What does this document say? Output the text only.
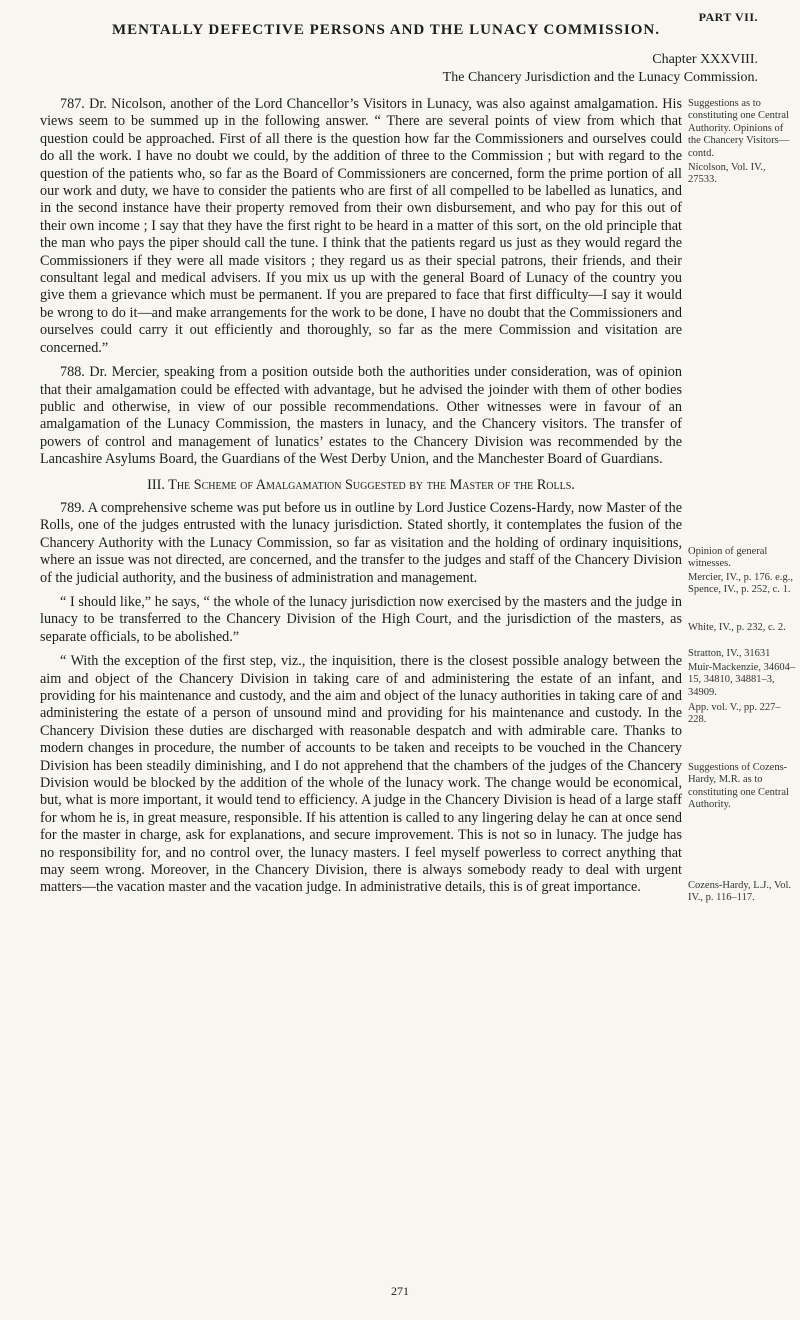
PART VII.
MENTALLY DEFECTIVE PERSONS AND THE LUNACY COMMISSION.
Chapter XXXVIII.
The Chancery Jurisdiction and the Lunacy Commission.

787. Dr. Nicolson, another of the Lord Chancellor’s Visitors in Lunacy, was also against amalgamation. His views seem to be summed up in the following answer. “ There are several points of view from which that question could be approached. First of all there is the question how far the Commissioners and ourselves could do all the work. I have no doubt we could, by the addition of three to the Commission ; but with regard to the question of the patients who, so far as the Board of Commissioners are concerned, form the prime portion of all our work and duty, we have to consider the patients who are first of all compelled to be labelled as lunatics, and in the second instance have their property removed from their own disbursement, and who pay for this out of their own income ; I say that they have the first right to be heard in a matter of this sort, on the old principle that the man who pays the piper should call the tune. I think that the patients regard us just as they would regard the Commissioners if they were all made visitors ; they regard us as their special patrons, their friends, and their consultant legal and medical advisers. If you mix us up with the general Board of Lunacy of the country you give them a grievance which must be permanent. If you are prepared to face that first difficulty—I say it would be wrong to do it—and make arrangements for the work to be done, I have no doubt that the Commissioners and ourselves could carry it out efficiently and thoroughly, so far as the mere Commission and visitation are concerned.”

788. Dr. Mercier, speaking from a position outside both the authorities under consideration, was of opinion that their amalgamation could be effected with advantage, but he advised the joinder with them of other bodies public and otherwise, in view of our possible recommendations. Other witnesses were in favour of an amalgamation of the Lunacy Commission, the masters in lunacy, and the Chancery visitors. The transfer of powers of control and management of lunatics’ estates to the Chancery Division was recommended by the Lancashire Asylums Board, the Guardians of the West Derby Union, and the Manchester Board of Guardians.

III. The Scheme of Amalgamation Suggested by the Master of the Rolls.

789. A comprehensive scheme was put before us in outline by Lord Justice Cozens-Hardy, now Master of the Rolls, one of the judges entrusted with the lunacy jurisdiction. Stated shortly, it contemplates the fusion of the Chancery Authority with the Lunacy Commission, so far as visitation and the holding of ordinary inquisitions, where an issue was not directed, are concerned, and the transfer to the judges and staff of the Chancery Division of the judicial authority, and the business of administration and management.

“ I should like,” he says, “ the whole of the lunacy jurisdiction now exercised by the masters and the judge in lunacy to be transferred to the Chancery Division of the High Court, and the jurisdiction of the masters, as separate officials, to be abolished.”

“ With the exception of the first step, viz., the inquisition, there is the closest possible analogy between the aim and object of the Chancery Division in taking care of and administering the estate of an infant, and providing for his maintenance and custody, and the aim and object of the lunacy authorities in taking care of and administering the estate of a person of unsound mind and providing for his maintenance and custody. In the Chancery Division these duties are discharged with reasonable despatch and with admirable care. Thanks to modern changes in procedure, the number of accounts to be taken and receipts to be vouched in the Chancery Division has been steadily diminishing, and I do not apprehend that the chambers of the judges of the Chancery Division would be blocked by the addition of the whole of the lunacy work. The change would be economical, but, what is more important, it would tend to efficiency. A judge in the Chancery Division is head of a large staff for whom he is, in great measure, responsible. If his attention is called to any lingering delay he can at once send for the master in charge, ask for explanations, and secure improvement. This is not so in lunacy. The judge has no responsibility for, and no control over, the lunacy masters. I feel myself powerless to correct anything that may seem wrong. Moreover, in the Chancery Division, there is always somebody ready to deal with urgent matters—the vacation master and the vacation judge. In administrative details, this is of great importance.

Suggestions as to constituting one Central Authority. Opinions of the Chancery Visitors—contd.
Nicolson, Vol. IV., 27533.
Opinion of general witnesses.
Mercier, IV., p. 176. e.g., Spence, IV., p. 252, c. 1.
White, IV., p. 232, c. 2.
Stratton, IV., 31631
Muir-Mackenzie, 34604–15, 34810, 34881–3, 34909.
App. vol. V., pp. 227–228.
Suggestions of Cozens-Hardy, M.R. as to constituting one Central Authority.
Cozens-Hardy, L.J., Vol. IV., p. 116–117.
271
